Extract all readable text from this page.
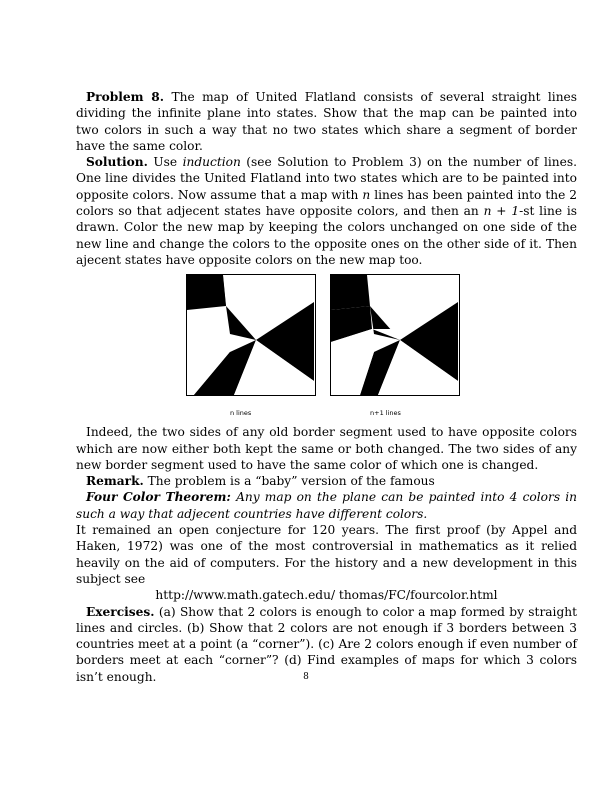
Problem 8. The map of United Flatland consists of several straight lines dividing the infinite plane into states. Show that the map can be painted into two colors in such a way that no two states which share a segment of border have the same color.

Solution. Use induction (see Solution to Problem 3) on the number of lines. One line divides the United Flatland into two states which are to be painted into opposite colors. Now assume that a map with n lines has been painted into the 2 colors so that adjecent states have opposite colors, and then an n + 1-st line is drawn. Color the new map by keeping the colors unchanged on one side of the new line and change the colors to the opposite ones on the other side of it. Then ajecent states have opposite colors on the new map too.

n lines	n+1 lines

Indeed, the two sides of any old border segment used to have opposite colors which are now either both kept the same or both changed. The two sides of any new border segment used to have the same color of which one is changed.

Remark. The problem is a “baby” version of the famous

Four Color Theorem: Any map on the plane can be painted into 4 colors in such a way that adjecent countries have different colors.

It remained an open conjecture for 120 years. The first proof (by Appel and Haken, 1972) was one of the most controversial in mathematics as it relied heavily on the aid of computers. For the history and a new development in this subject see

http://www.math.gatech.edu/ thomas/FC/fourcolor.html

Exercises. (a) Show that 2 colors is enough to color a map formed by straight lines and circles. (b) Show that 2 colors are not enough if 3 borders between 3 countries meet at a point (a “corner”). (c) Are 2 colors enough if even number of borders meet at each “corner”? (d) Find examples of maps for which 3 colors isn’t enough.	8
